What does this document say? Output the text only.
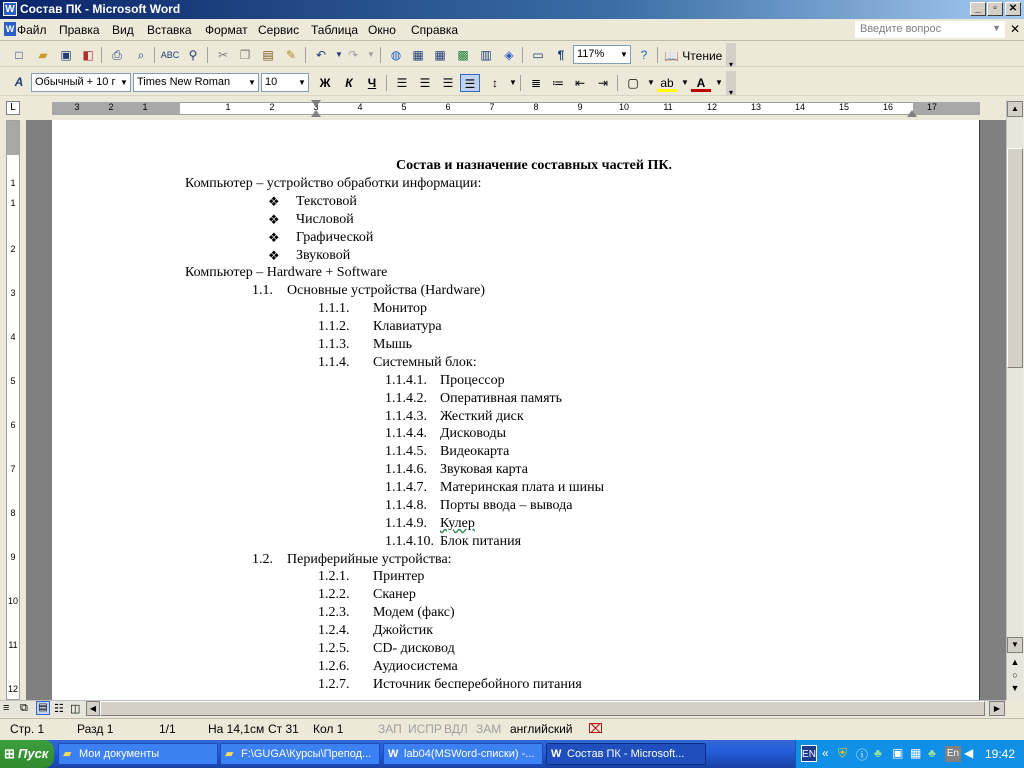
W Состав ПК - Microsoft Word	_	▫	✕
W Файл Правка Вид Вставка Формат Сервис Таблица Окно Справка	Введите вопрос	▼ ✕
□	▰	▣ ◧	⎙	⌕	ABC ⚲	✂ ❐ ▤	✎	↶	▼ ↷	▼	◍ ▦ ▦ ▩ ▥	◈	▭	¶	117% ▼	?	📖 Чтение
▾
A	Обычный + 10 г ▼ Times New Roman ▼ 10	▼	Ж	К	Ч	☰	☰	☰ ☰	↕	▼	≣ ≔ ⇤	⇥	▢	▼ ab ▼ A	▼
▾
L	3	2	1	1	2	3	4	5	6	7	8	9	10	11	12	13	14	15	16	17
1
1
2
3
4
5
6
7
8
9
10
11
12
Состав и назначение составных частей ПК.
Компьютер – устройство обработки информации:
❖ Текстовой
❖ Числовой
❖ Графической
❖ Звуковой
Компьютер – Hardware + Software
1.1. Основные устройства (Hardware)
1.1.1. Монитор
1.1.2. Клавиатура
1.1.3. Мышь
1.1.4. Системный блок:
1.1.4.1. Процессор
1.1.4.2. Оперативная память
1.1.4.3. Жесткий диск
1.1.4.4. Дисководы
1.1.4.5. Видеокарта
1.1.4.6. Звуковая карта
1.1.4.7. Материнская плата и шины
1.1.4.8. Порты ввода – вывода
1.1.4.9. Кулер
1.1.4.10. Блок питания
1.2. Периферийные устройства:
1.2.1. Принтер
1.2.2. Сканер
1.2.3. Модем (факс)
1.2.4. Джойстик
1.2.5. CD- дисковод
1.2.6. Аудиосистема
1.2.7. Источник бесперебойного питания
▲
▼
▲
○
▼
≡ ⧉ ▤ ☷ ◫	◀	▶
Стр. 1	Разд 1	1/1	На 14,1см Ст 31 Кол 1	ЗАП ИСПР ВДЛ ЗАМ английский ⌧
⊞ Пуск	▰ Мои документы	▰ F:\GUGA\Курсы\Препод...	W lab04(MSWord-списки) -...	W Состав ПК - Microsoft...	EN « ⛨ ⓘ ♣ ▣ ▦ ♣ En ◀ 19:42
